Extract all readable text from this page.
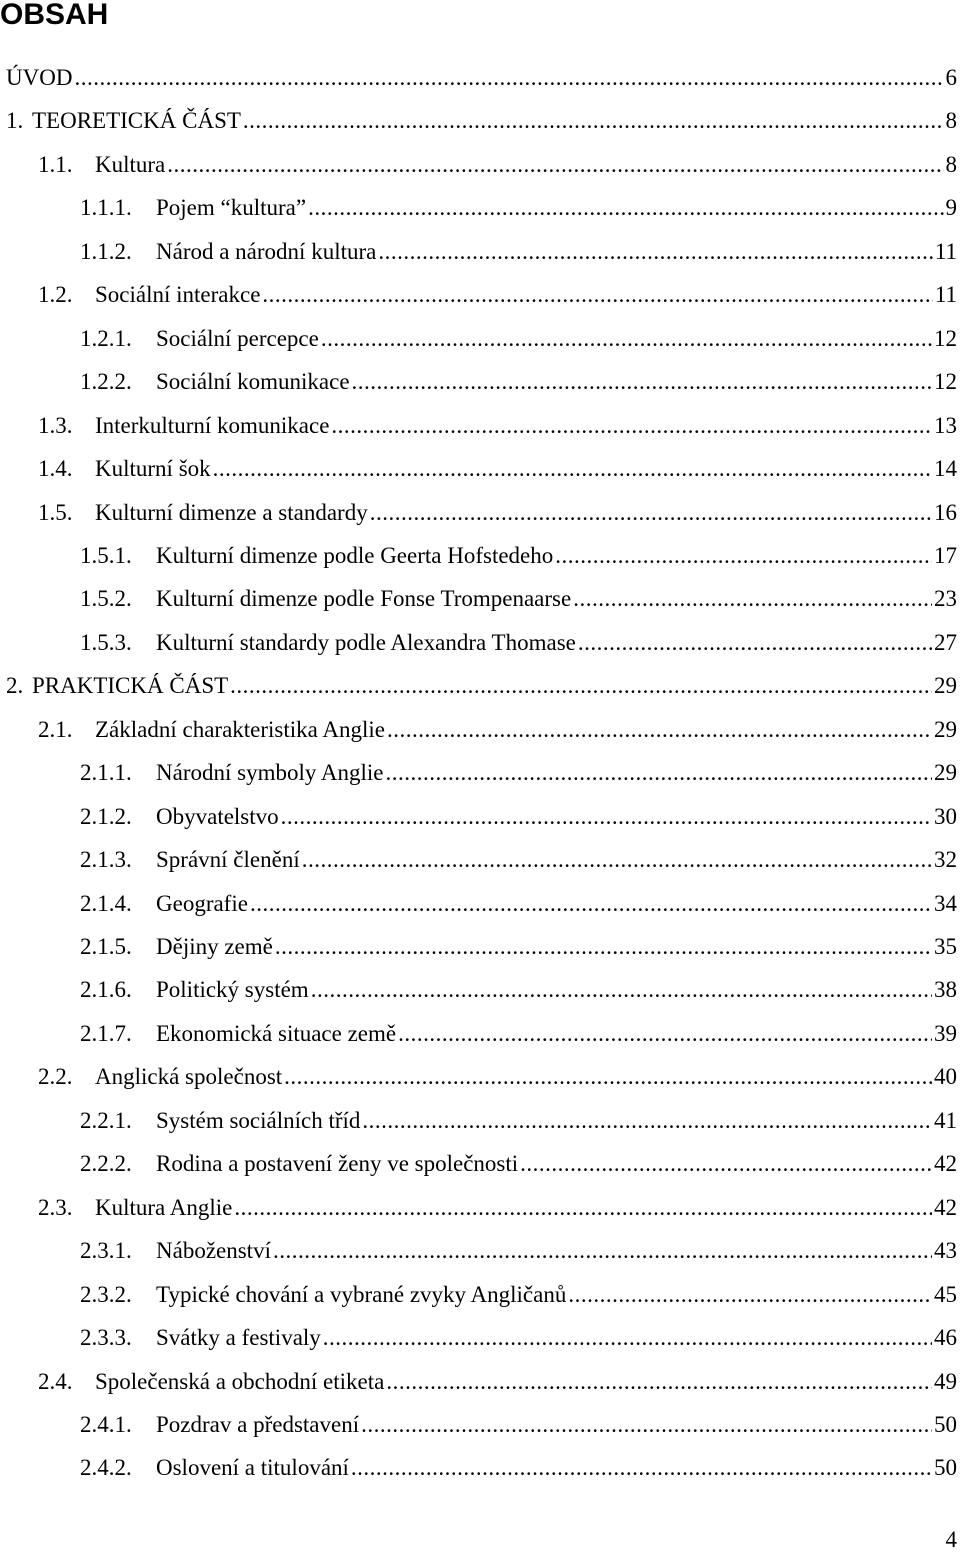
OBSAH
ÚVOD .....	6
1. TEORETICKÁ ČÁST .....	8
1.1. Kultura .....	8
1.1.1.	Pojem “kultura” .....	9
1.1.2.	Národ a národní kultura .....	11
1.2. Sociální interakce .....	11
1.2.1.	Sociální percepce .....	12
1.2.2.	Sociální komunikace .....	12
1.3. Interkulturní komunikace .....	13
1.4. Kulturní šok .....	14
1.5. Kulturní dimenze a standardy .....	16
1.5.1.	Kulturní dimenze podle Geerta Hofstedeho .....	17
1.5.2.	Kulturní dimenze podle Fonse Trompenaarse .....	23
1.5.3.	Kulturní standardy podle Alexandra Thomase .....	27
2. PRAKTICKÁ ČÁST .....	29
2.1. Základní charakteristika Anglie .....	29
2.1.1.	Národní symboly Anglie .....	29
2.1.2.	Obyvatelstvo .....	30
2.1.3.	Správní členění .....	32
2.1.4.	Geografie .....	34
2.1.5.	Dějiny země .....	35
2.1.6.	Politický systém .....	38
2.1.7.	Ekonomická situace země .....	39
2.2. Anglická společnost .....	40
2.2.1.	Systém sociálních tříd .....	41
2.2.2.	Rodina a postavení ženy ve společnosti .....	42
2.3. Kultura Anglie .....	42
2.3.1.	Náboženství .....	43
2.3.2.	Typické chování a vybrané zvyky Angličanů .....	45
2.3.3.	Svátky a festivaly .....	46
2.4. Společenská a obchodní etiketa .....	49
2.4.1.	Pozdrav a představení .....	50
2.4.2.	Oslovení a titulování .....	50
4
